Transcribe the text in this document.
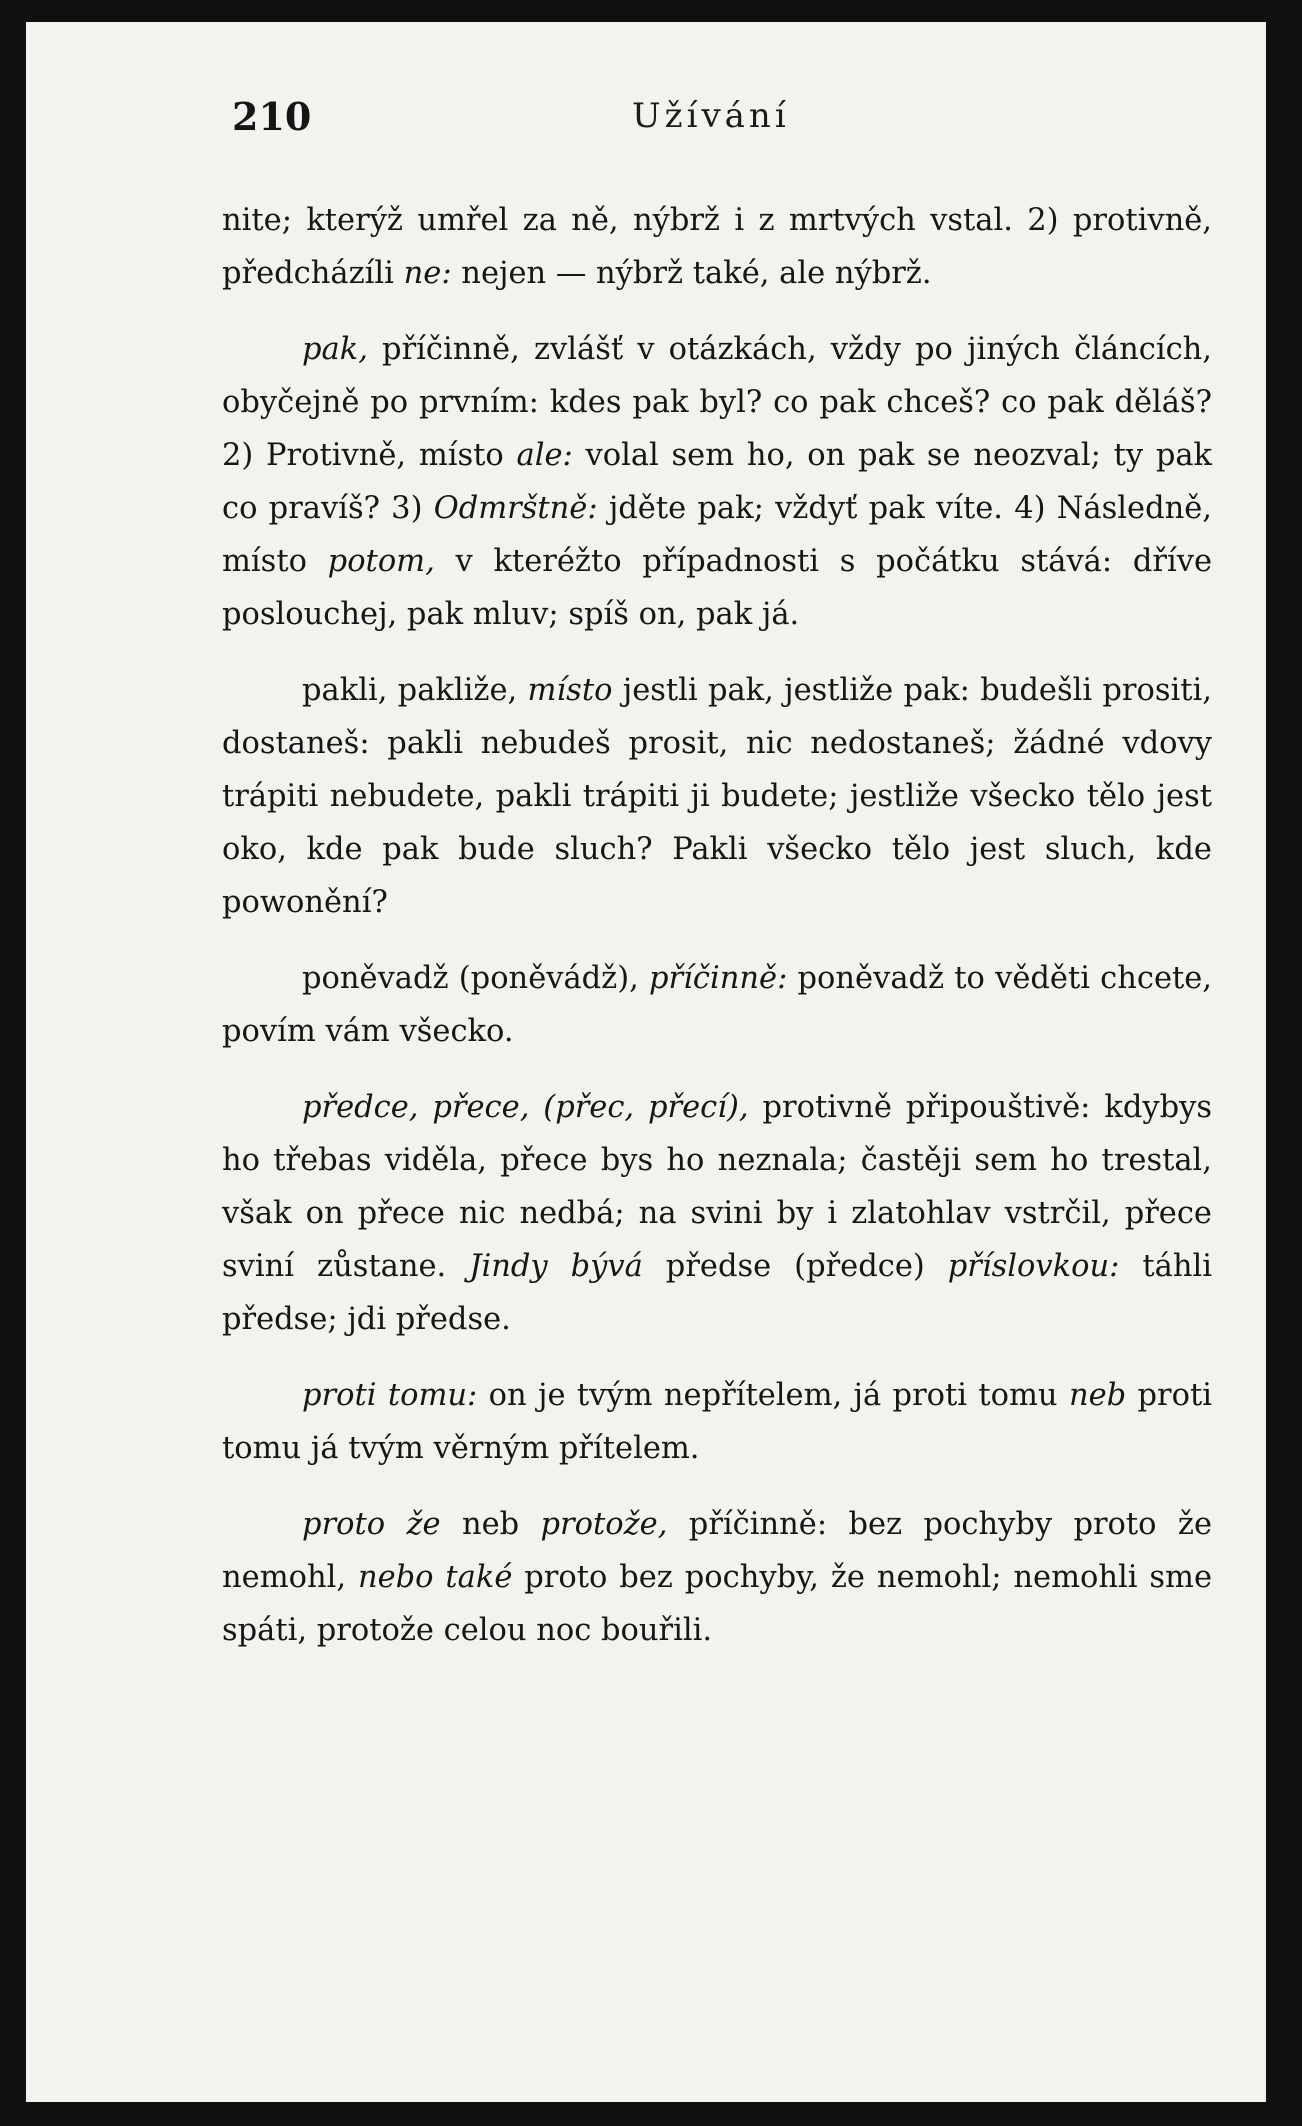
210	Užívání

nite; kterýž umřel za ně, nýbrž i z mrtvých vstal. 2) protivně, předcházíli ne: nejen — nýbrž také, ale nýbrž.

pak, příčinně, zvlášť v otázkách, vždy po jiných článcích, obyčejně po prvním: kdes pak byl? co pak chceš? co pak děláš? 2) Protivně, místo ale: volal sem ho, on pak se neozval; ty pak co pravíš? 3) Odmrštně: jděte pak; vždyť pak víte. 4) Následně, místo potom, v kteréžto případnosti s počátku stává: dříve poslouchej, pak mluv; spíš on, pak já.

pakli, pakliže, místo jestli pak, jestliže pak: budešli prositi, dostaneš: pakli nebudeš prosit, nic nedostaneš; žádné vdovy trápiti nebudete, pakli trápiti ji budete; jestliže všecko tělo jest oko, kde pak bude sluch? Pakli všecko tělo jest sluch, kde powonění?

poněvadž (poněvádž), příčinně: poněvadž to věděti chcete, povím vám všecko.

předce, přece, (přec, přecí), protivně připouštivě: kdybys ho třebas viděla, přece bys ho neznala; častěji sem ho trestal, však on přece nic nedbá; na svini by i zlatohlav vstrčil, přece sviní zůstane. Jindy bývá předse (předce) příslovkou: táhli předse; jdi předse.

proti tomu: on je tvým nepřítelem, já proti tomu neb proti tomu já tvým věrným přítelem.

proto že neb protože, příčinně: bez pochyby proto že nemohl, nebo také proto bez pochyby, že nemohl; nemohli sme spáti, protože celou noc bouřili.
